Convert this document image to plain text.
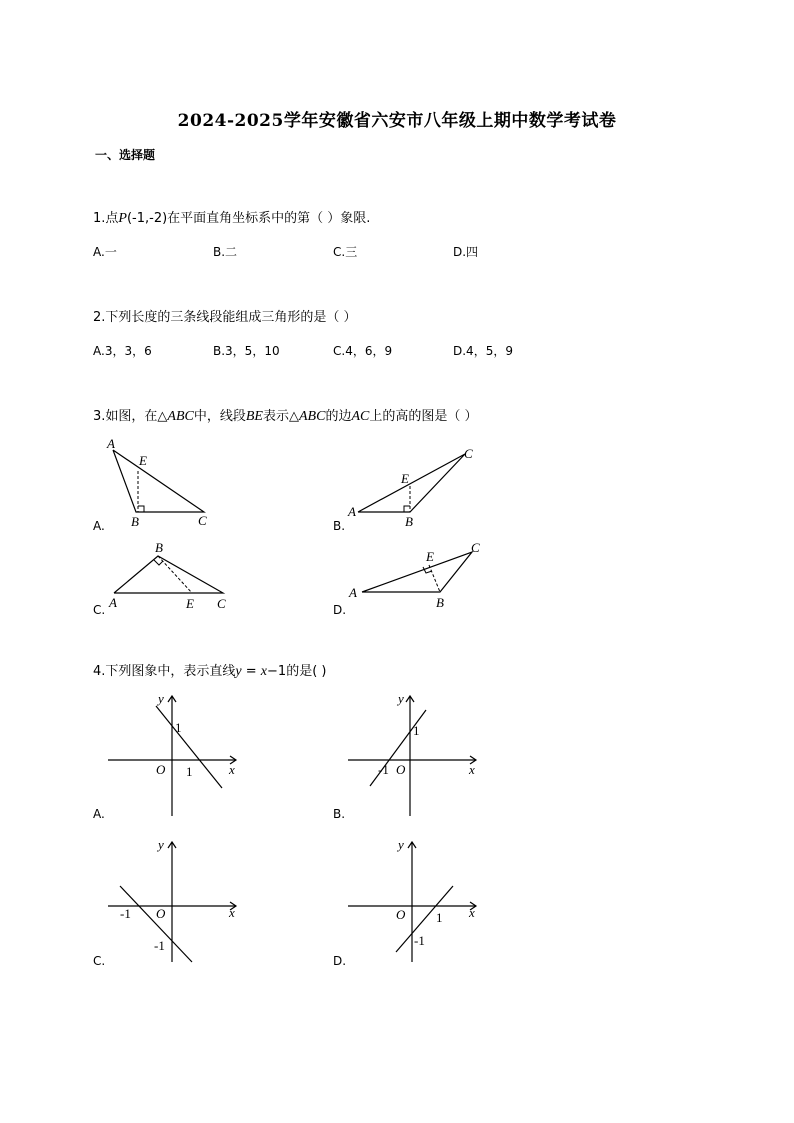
2024-2025学年安徽省六安市八年级上期中数学考试卷
一、选择题
1.点P(-1,-2)在平面直角坐标系中的第（ ）象限.
A.一	B.二	C.三	D.四
2.下列长度的三条线段能组成三角形的是（ ）
A.3，3，6	B.3，5，10	C.4，6，9	D.4，5，9
3.如图，在△ABC中，线段BE表示△ABC的边AC上的高的图是（ ）
A
E
B	C
A.
A
E
B
C
B.
B
A	E C
C.
A
E
B
C
D.
4.下列图象中，表示直线y = x−1的是( )
y
x
O
1
1
A.
y
x
O
1
-1
B.
y
x
O
-1
-1
C.
y
x
O 1
-1
D.
